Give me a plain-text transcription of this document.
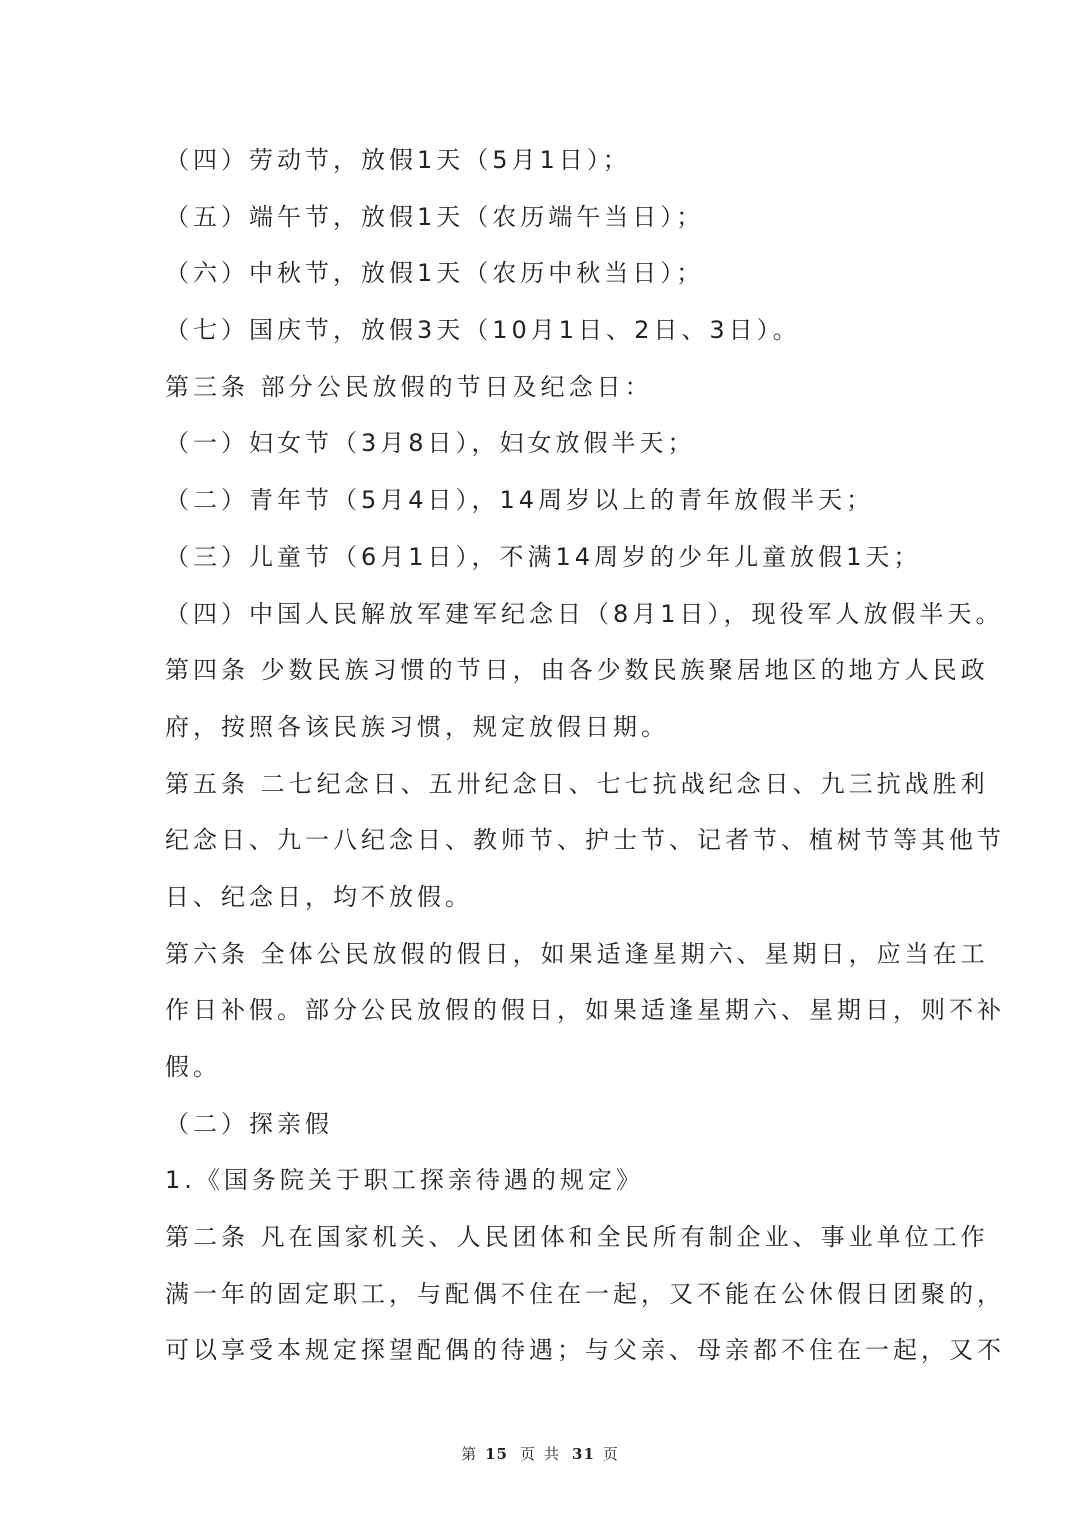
（四）劳动节，放假1天（5月1日）；
（五）端午节，放假1天（农历端午当日）；
（六）中秋节，放假1天（农历中秋当日）；
（七）国庆节，放假3天（10月1日、2日、3日）。
第三条 部分公民放假的节日及纪念日：
（一）妇女节（3月8日），妇女放假半天；
（二）青年节（5月4日），14周岁以上的青年放假半天；
（三）儿童节（6月1日），不满14周岁的少年儿童放假1天；
（四）中国人民解放军建军纪念日（8月1日），现役军人放假半天。
第四条 少数民族习惯的节日，由各少数民族聚居地区的地方人民政
府，按照各该民族习惯，规定放假日期。
第五条 二七纪念日、五卅纪念日、七七抗战纪念日、九三抗战胜利
纪念日、九一八纪念日、教师节、护士节、记者节、植树节等其他节
日、纪念日，均不放假。
第六条 全体公民放假的假日，如果适逢星期六、星期日，应当在工
作日补假。部分公民放假的假日，如果适逢星期六、星期日，则不补
假。
（二）探亲假
1.《国务院关于职工探亲待遇的规定》
第二条 凡在国家机关、人民团体和全民所有制企业、事业单位工作
满一年的固定职工，与配偶不住在一起，又不能在公休假日团聚的，
可以享受本规定探望配偶的待遇；与父亲、母亲都不住在一起，又不
第 15 页 共 31 页
